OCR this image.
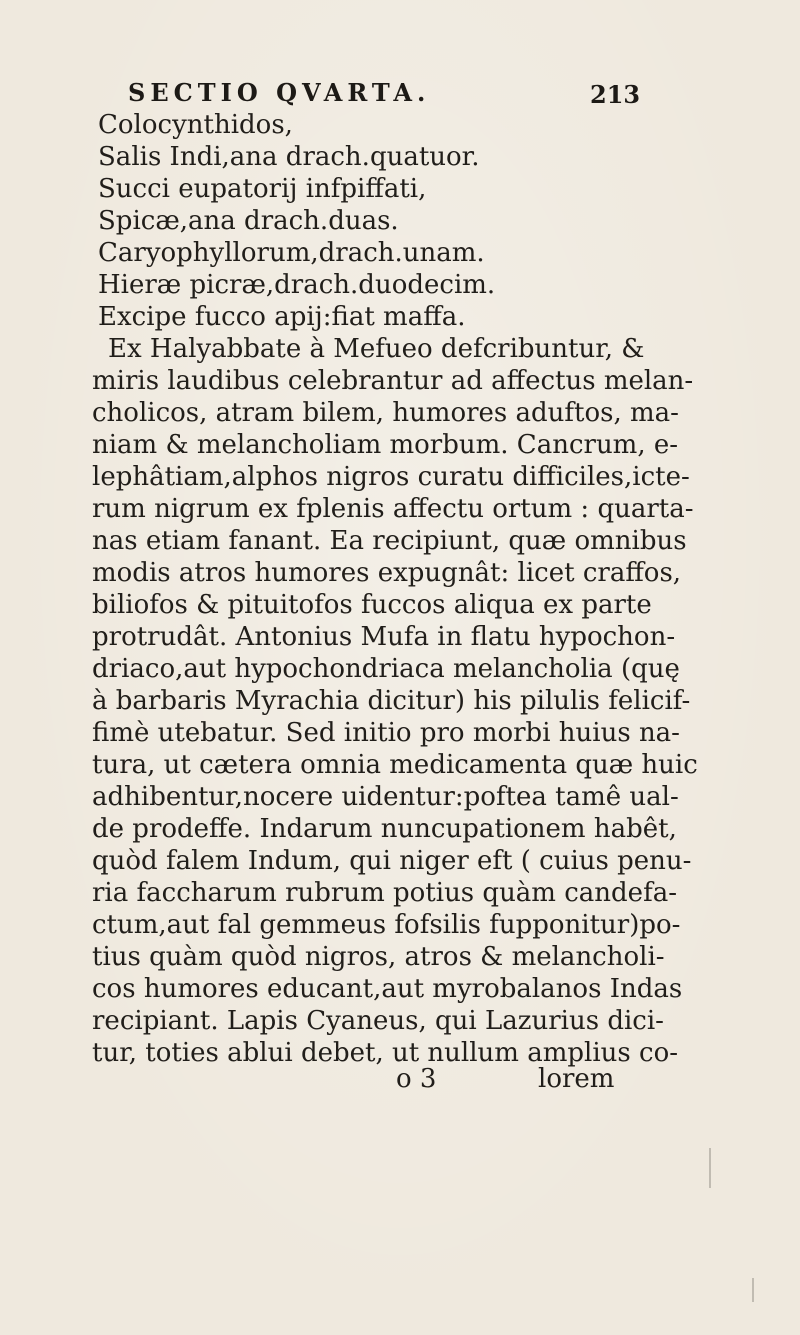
SECTIO QVARTA.	213
Colocynthidos,
Salis Indi,ana drach.quatuor.
Succi eupatorij infpiffati,
Spicæ,ana drach.duas.
Caryophyllorum,drach.unam.
Hieræ picræ,drach.duodecim.
Excipe fucco apij:fiat maffa.
Ex Halyabbate à Mefueo defcribuntur, &
miris laudibus celebrantur ad affectus melan-
cholicos, atram bilem, humores aduftos, ma-
niam & melancholiam morbum. Cancrum, e-
lephâtiam,alphos nigros curatu difficiles,icte-
rum nigrum ex fplenis affectu ortum : quarta-
nas etiam fanant. Ea recipiunt, quæ omnibus
modis atros humores expugnât: licet craffos,
biliofos & pituitofos fuccos aliqua ex parte
protrudât. Antonius Mufa in flatu hypochon-
driaco,aut hypochondriaca melancholia (quę
à barbaris Myrachia dicitur) his pilulis felicif-
fimè utebatur. Sed initio pro morbi huius na-
tura, ut cætera omnia medicamenta quæ huic
adhibentur,nocere uidentur:poftea tamê ual-
de prodeffe. Indarum nuncupationem habêt,
quòd falem Indum, qui niger eft ( cuius penu-
ria faccharum rubrum potius quàm candefa-
ctum,aut fal gemmeus fofsilis fupponitur)po-
tius quàm quòd nigros, atros & melancholi-
cos humores educant,aut myrobalanos Indas
recipiant. Lapis Cyaneus, qui Lazurius dici-
tur, toties ablui debet, ut nullum amplius co-
o 3	lorem
